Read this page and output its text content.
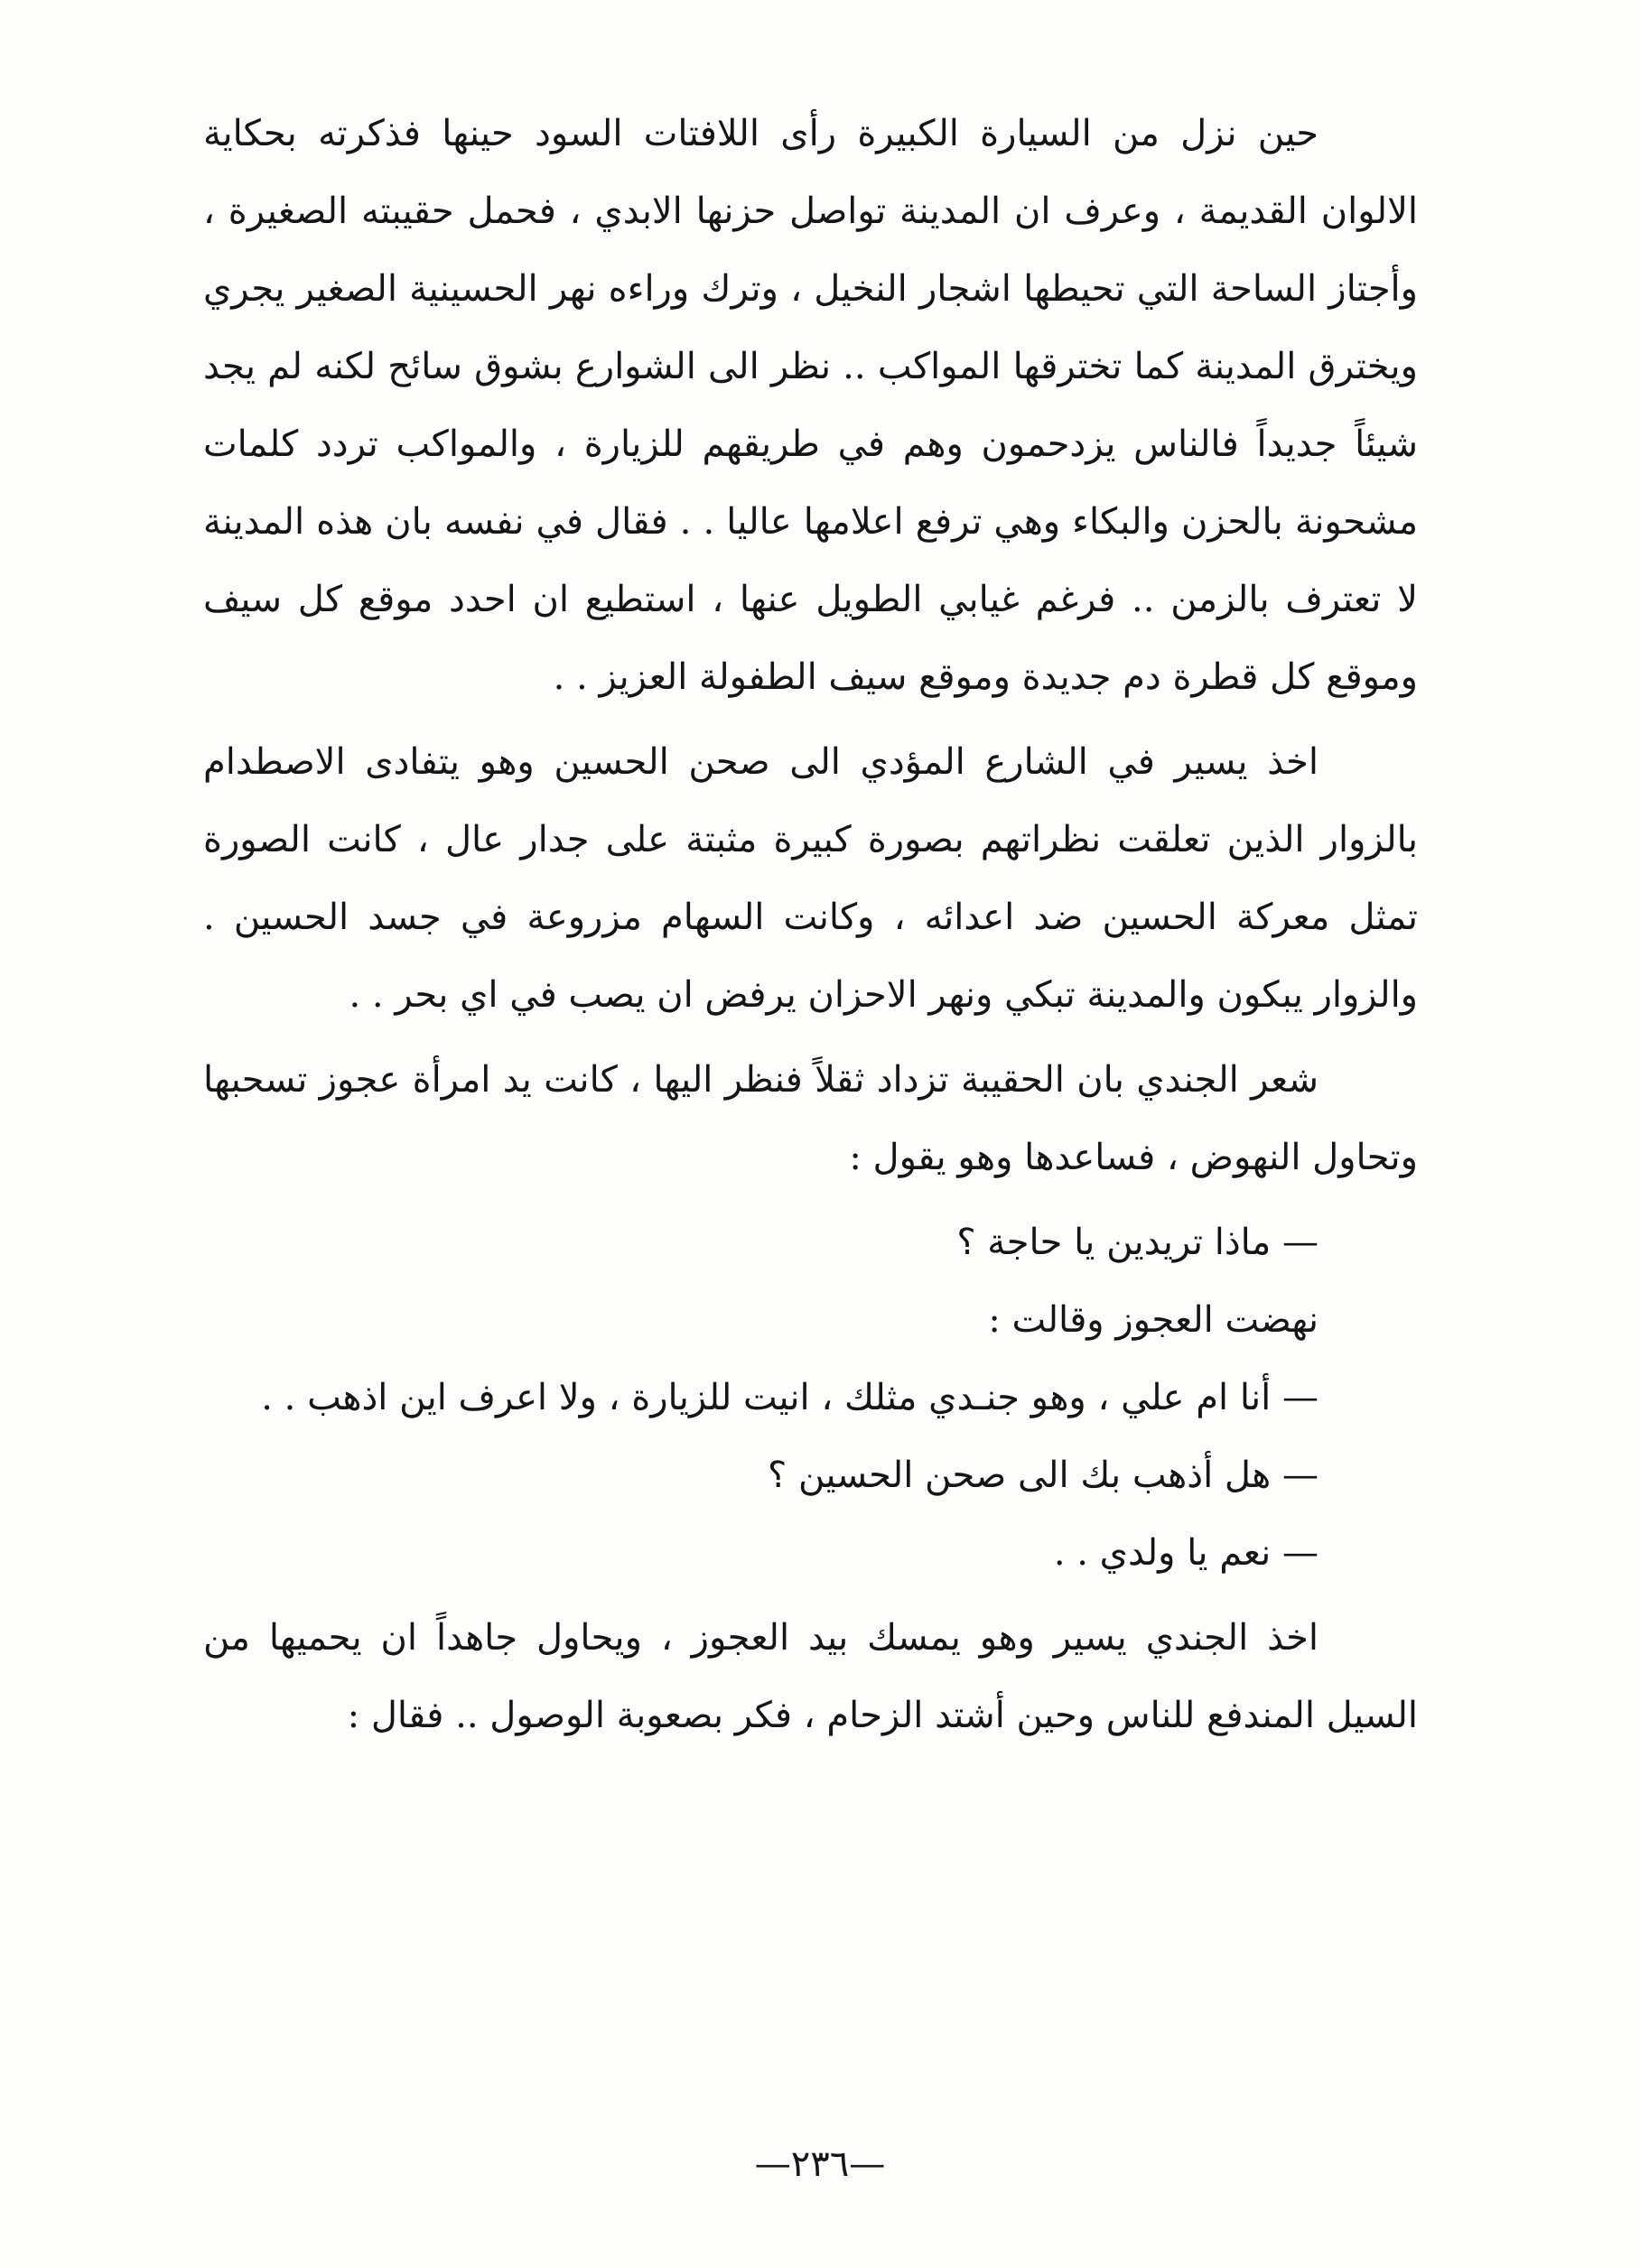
حين نزل من السيارة الكبيرة رأى اللافتات السود حينها فذكرته بحكاية الالوان القديمة ، وعرف ان المدينة تواصل حزنها الابدي ، فحمل حقيبته الصغيرة ، وأجتاز الساحة التي تحيطها اشجار النخيل ، وترك وراءه نهر الحسينية الصغير يجري ويخترق المدينة كما تخترقها المواكب .. نظر الى الشوارع بشوق سائح لكنه لم يجد شيئاً جديداً فالناس يزدحمون وهم في طريقهم للزيارة ، والمواكب تردد كلمات مشحونة بالحزن والبكاء وهي ترفع اعلامها عاليا . . فقال في نفسه بان هذه المدينة لا تعترف بالزمن .. فرغم غيابي الطويل عنها ، استطيع ان احدد موقع كل سيف وموقع كل قطرة دم جديدة وموقع سيف الطفولة العزيز . .

اخذ يسير في الشارع المؤدي الى صحن الحسين وهو يتفادى الاصطدام بالزوار الذين تعلقت نظراتهم بصورة كبيرة مثبتة على جدار عال ، كانت الصورة تمثل معركة الحسين ضد اعدائه ، وكانت السهام مزروعة في جسد الحسين . والزوار يبكون والمدينة تبكي ونهر الاحزان يرفض ان يصب في اي بحر . .

شعر الجندي بان الحقيبة تزداد ثقلاً فنظر اليها ، كانت يد امرأة عجوز تسحبها وتحاول النهوض ، فساعدها وهو يقول :

— ماذا تريدين يا حاجة ؟

نهضت العجوز وقالت :

— أنا ام علي ، وهو جنـدي مثلك ، انيت للزيارة ، ولا اعرف اين اذهب . .

— هل أذهب بك الى صحن الحسين ؟

— نعم يا ولدي . .

اخذ الجندي يسير وهو يمسك بيد العجوز ، ويحاول جاهداً ان يحميها من السيل المندفع للناس وحين أشتد الزحام ، فكر بصعوبة الوصول .. فقال :

—٢٣٦—
